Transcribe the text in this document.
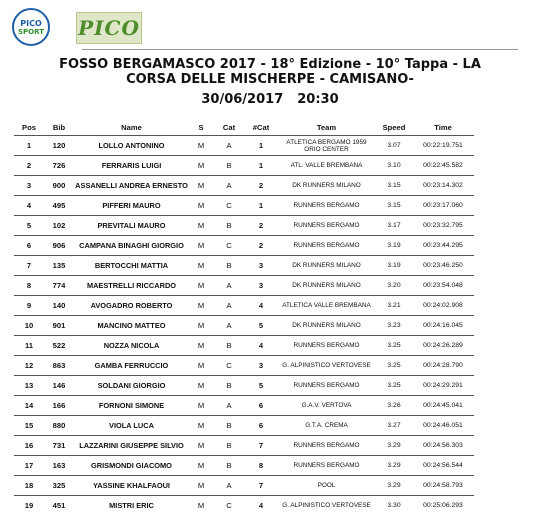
PICO
SPORT PICO
FOSSO BERGAMASCO 2017 - 18° Edizione - 10° Tappa - LA CORSA DELLE MISCHERPE - CAMISANO-
30/06/2017 20:30
Pos	Bib	Name	S	Cat	#Cat	Team	Speed	Time
1	120	LOLLO ANTONINO	M	A	1	ATLETICA BERGAMO 1959 ORIO CENTER	3.07	00:22:19.751
2	726	FERRARIS LUIGI	M	B	1	ATL. VALLE BREMBANA	3.10	00:22:45.582
3	900	ASSANELLI ANDREA ERNESTO	M	A	2	DK RUNNERS MILANO	3.15	00:23:14.302
4	495	PIFFERI MAURO	M	C	1	RUNNERS BERGAMO	3.15	00:23:17.060
5	102	PREVITALI MAURO	M	B	2	RUNNERS BERGAMO	3.17	00:23:32.795
6	906	CAMPANA BINAGHI GIORGIO	M	C	2	RUNNERS BERGAMO	3.19	00:23:44.295
7	135	BERTOCCHI MATTIA	M	B	3	DK RUNNERS MILANO	3.19	00:23:46.250
8	774	MAESTRELLI RICCARDO	M	A	3	DK RUNNERS MILANO	3.20	00:23:54.048
9	140	AVOGADRO ROBERTO	M	A	4	ATLETICA VALLE BREMBANA	3.21	00:24:02.908
10	901	MANCINO MATTEO	M	A	5	DK RUNNERS MILANO	3.23	00:24:16.045
11	522	NOZZA NICOLA	M	B	4	RUNNERS BERGAMO	3.25	00:24:26.289
12	863	GAMBA FERRUCCIO	M	C	3	G. ALPINISTICO VERTOVESE	3.25	00:24:28.790
13	146	SOLDANI GIORGIO	M	B	5	RUNNERS BERGAMO	3.25	00:24:29.291
14	166	FORNONI SIMONE	M	A	6	G.A.V. VERTOVA	3.26	00:24:45.041
15	880	VIOLA LUCA	M	B	6	G.T.A. CREMA	3.27	00:24:46.051
16	731	LAZZARINI GIUSEPPE SILVIO	M	B	7	RUNNERS BERGAMO	3.29	00:24:56.303
17	163	GRISMONDI GIACOMO	M	B	8	RUNNERS BERGAMO	3.29	00:24:56.544
18	325	YASSINE KHALFAOUI	M	A	7	POOL	3.29	00:24:58.793
19	451	MISTRI ERIC	M	C	4	G. ALPINISTICO VERTOVESE	3.30	00:25:06.293
